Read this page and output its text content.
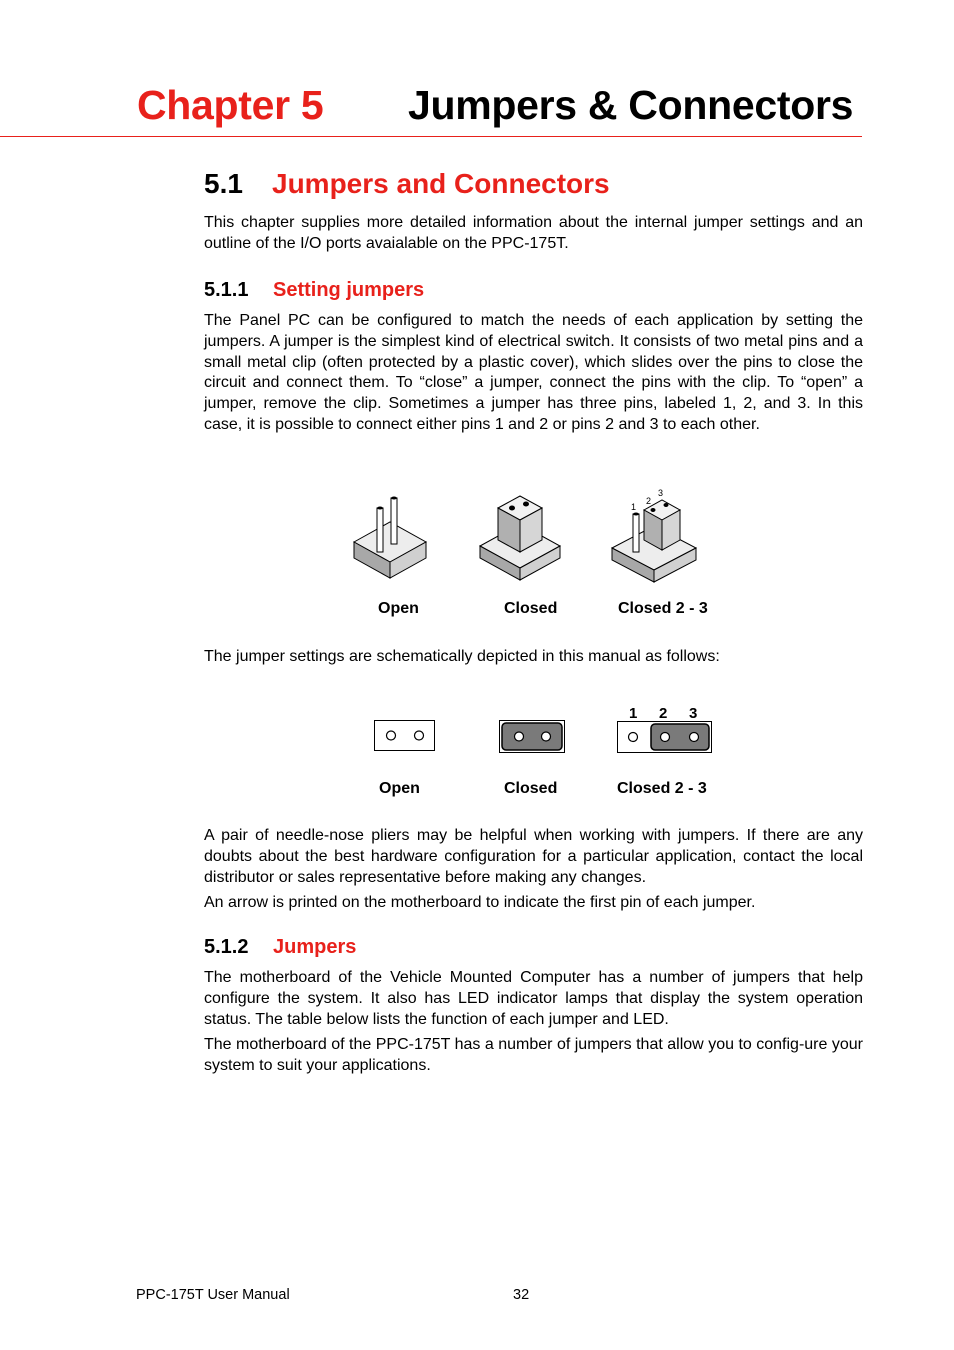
Chapter 5 Jumpers & Connectors
5.1 Jumpers and Connectors

This chapter supplies more detailed information about the internal jumper settings and an outline of the I/O ports avaialable on the PPC-175T.

5.1.1 Setting jumpers

The Panel PC can be configured to match the needs of each application by setting the jumpers. A jumper is the simplest kind of electrical switch. It consists of two metal pins and a small metal clip (often protected by a plastic cover), which slides over the pins to close the circuit and connect them. To “close” a jumper, connect the pins with the clip. To “open” a jumper, remove the clip. Sometimes a jumper has three pins, labeled 1, 2, and 3. In this case, it is possible to connect either pins 1 and 2 or pins 2 and 3 to each other.

1
2
3
Open	Closed	Closed 2 - 3

The jumper settings are schematically depicted in this manual as follows:

1 2 3
Open	Closed	Closed 2 - 3

A pair of needle-nose pliers may be helpful when working with jumpers. If there are any doubts about the best hardware configuration for a particular application, contact the local distributor or sales representative before making any changes.

An arrow is printed on the motherboard to indicate the first pin of each jumper.

5.1.2 Jumpers

The motherboard of the Vehicle Mounted Computer has a number of jumpers that help configure the system. It also has LED indicator lamps that display the system operation status. The table below lists the function of each jumper and LED.

The motherboard of the PPC-175T has a number of jumpers that allow you to config-ure your system to suit your applications.

PPC-175T User Manual	32
